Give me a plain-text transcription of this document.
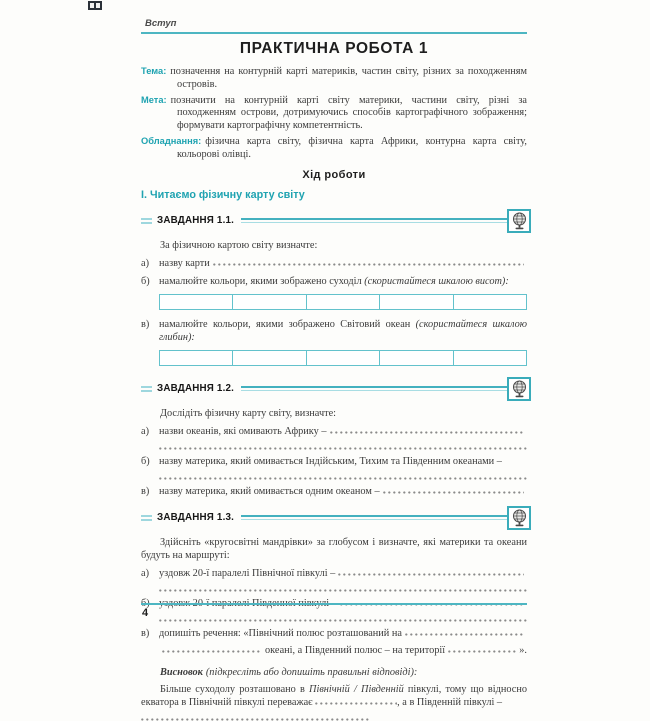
Вступ
ПРАКТИЧНА РОБОТА 1

Тема: позначення на контурній карті материків, частин світу, різних за походженням островів.

Мета: позначити на контурній карті світу материки, частини світу, різні за походженням острови, дотримуючись способів картографічного зображення; формувати картографічну компетентність.

Обладнання: фізична карта світу, фізична карта Африки, контурна карта світу, кольорові олівці.

Хід роботи
І. Читаємо фізичну карту світу
ЗАВДАННЯ 1.1.

За фізичною картою світу визначте:

а) назву карти
б) намалюйте кольори, якими зображено суходіл (скористайтеся шкалою висот):
в) намалюйте кольори, якими зображено Світовий океан (скористайтеся шкалою глибин):
ЗАВДАННЯ 1.2.

Дослідіть фізичну карту світу, визначте:

а) назви океанів, які омивають Африку –
б) назву материка, який омивається Індійським, Тихим та Південним океанами –
в) назву материка, який омивається одним океаном –
ЗАВДАННЯ 1.3.

Здійсніть «кругосвітні мандрівки» за глобусом і визначте, які материки та океани будуть на маршруті:

а) уздовж 20-ї паралелі Північної півкулі –
в) допишіть речення: «Північний полюс розташований на
океані, а Південний полюс – на території	».

Висновок (підкресліть або допишіть правильні відповіді):

Більше суходолу розташовано в Північній / Південній півкулі, тому що відносно екватора в Північній півкулі переважає	, а в Південній півкулі –

4
